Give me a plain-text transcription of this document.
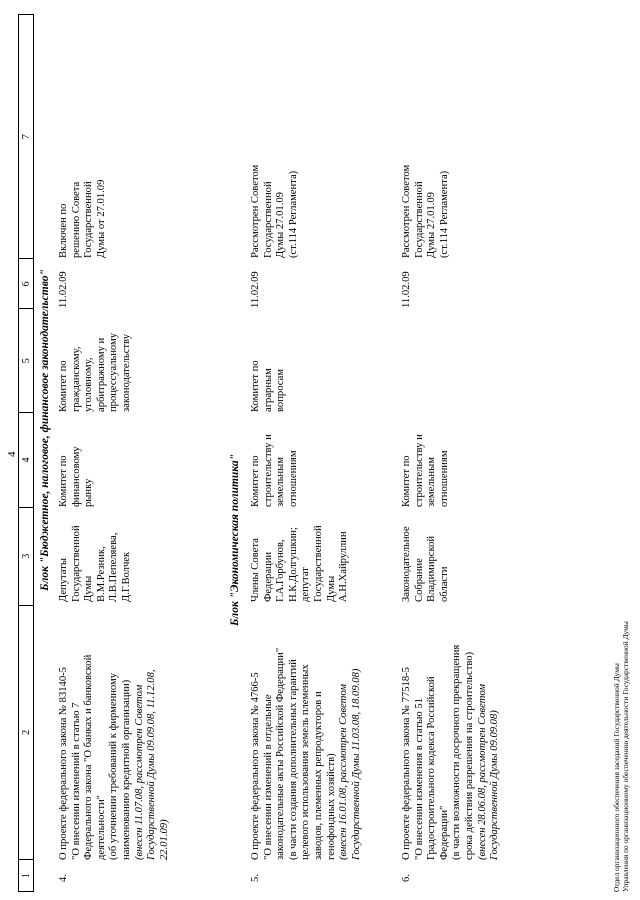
4
1
2
3
4
5
6
7
Блок "Бюджетное, налоговое, финансовое законодательство"
4.
О проекте федерального закона № 83140-5 "О внесении изменений в статью 7 Федерального закона "О банках и банковской деятельности" (об уточнении требований к фирменному наименованию кредитной организации) (внесен 11.07.08, рассмотрен Советом Государственной Думы 09.09.08, 11.12.08, 22.01.09)
Депутаты Государственной Думы В.М.Резник, Л.В.Пепеляева, Д.Г.Волчек
Комитет по финансовому рынку
Комитет по гражданскому, уголовному, арбитражному и процессуальному законодательству
11.02.09
Включен по решению Совета Государственной Думы от 27.01.09
5.
О проекте федерального закона № 4766-5 "О внесении изменений в отдельные законодательные акты Российской Федерации" (в части создания дополнительных гарантий целевого использования земель племенных заводов, племенных репродукторов и генофондных хозяйств) (внесен 16.01.08, рассмотрен Советом Государственной Думы 11.03.08, 18.09.08)
Члены Совета Федерации Г.А.Горбунов, Н.К.Долгушкин; депутат Государственной Думы А.Н.Хайруллин
Комитет по строительству и земельным отношениям
Комитет по аграрным вопросам
11.02.09
Рассмотрен Советом Государственной Думы 27.01.09 (ст.114 Регламента)
6.
О проекте федерального закона № 77518-5 "О внесении изменения в статью 51 Градостроительного кодекса Российской Федерации" (в части возможности досрочного прекращения срока действия разрешения на строительство) (внесен 28.06.08, рассмотрен Советом Государственной Думы 09.09.08)
Законодательное Собрание Владимирской области
Комитет по строительству и земельным отношениям
11.02.09
Рассмотрен Советом Государственной Думы 27.01.09 (ст.114 Регламента)
Блок "Экономическая политика"
Отдел организационного обеспечения заседаний Государственной Думы Управления по организационному обеспечению деятельности Государственной Думы
